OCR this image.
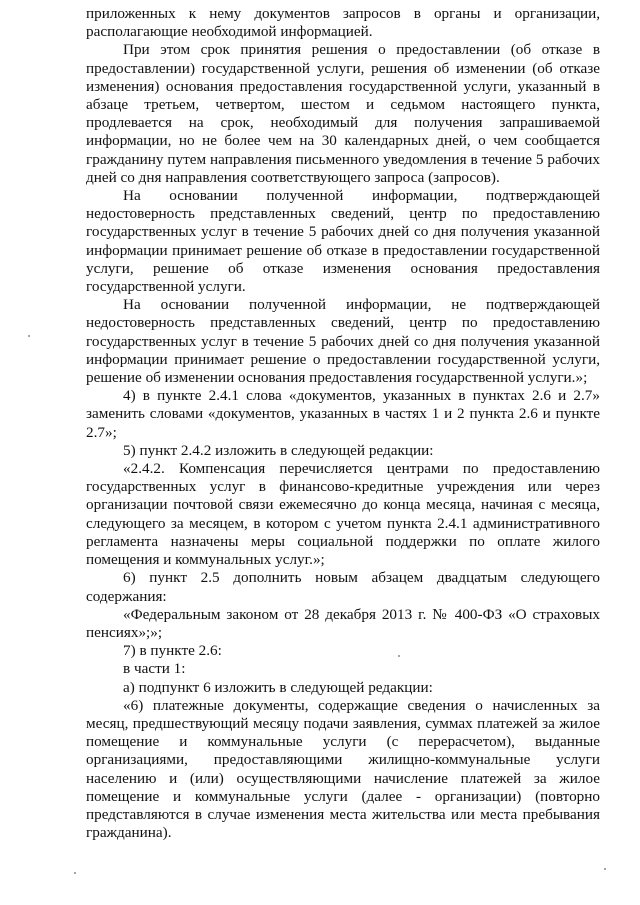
приложенных к нему документов запросов в органы и организации, располагающие необходимой информацией.

При этом срок принятия решения о предоставлении (об отказе в предоставлении) государственной услуги, решения об изменении (об отказе изменения) основания предоставления государственной услуги, указанный в абзаце третьем, четвертом, шестом и седьмом настоящего пункта, продлевается на срок, необходимый для получения запрашиваемой информации, но не более чем на 30 календарных дней, о чем сообщается гражданину путем направления письменного уведомления в течение 5 рабочих дней со дня направления соответствующего запроса (запросов).

На основании полученной информации, подтверждающей недостоверность представленных сведений, центр по предоставлению государственных услуг в течение 5 рабочих дней со дня получения указанной информации принимает решение об отказе в предоставлении государственной услуги, решение об отказе изменения основания предоставления государственной услуги.

На основании полученной информации, не подтверждающей недостоверность представленных сведений, центр по предоставлению государственных услуг в течение 5 рабочих дней со дня получения указанной информации принимает решение о предоставлении государственной услуги, решение об изменении основания предоставления государственной услуги.»;

4) в пункте 2.4.1 слова «документов, указанных в пунктах 2.6 и 2.7» заменить словами «документов, указанных в частях 1 и 2 пункта 2.6 и пункте 2.7»;

5) пункт 2.4.2 изложить в следующей редакции:

«2.4.2. Компенсация перечисляется центрами по предоставлению государственных услуг в финансово-кредитные учреждения или через организации почтовой связи ежемесячно до конца месяца, начиная с месяца, следующего за месяцем, в котором с учетом пункта 2.4.1 административного регламента назначены меры социальной поддержки по оплате жилого помещения и коммунальных услуг.»;

6) пункт 2.5 дополнить новым абзацем двадцатым следующего содержания:

«Федеральным законом от 28 декабря 2013 г. № 400-ФЗ «О страховых пенсиях»;»;

7) в пункте 2.6:

в части 1:

а) подпункт 6 изложить в следующей редакции:

«6) платежные документы, содержащие сведения о начисленных за месяц, предшествующий месяцу подачи заявления, суммах платежей за жилое помещение и коммунальные услуги (с перерасчетом), выданные организациями, предоставляющими жилищно-коммунальные услуги населению и (или) осуществляющими начисление платежей за жилое помещение и коммунальные услуги (далее - организации) (повторно представляются в случае изменения места жительства или места пребывания гражданина).
